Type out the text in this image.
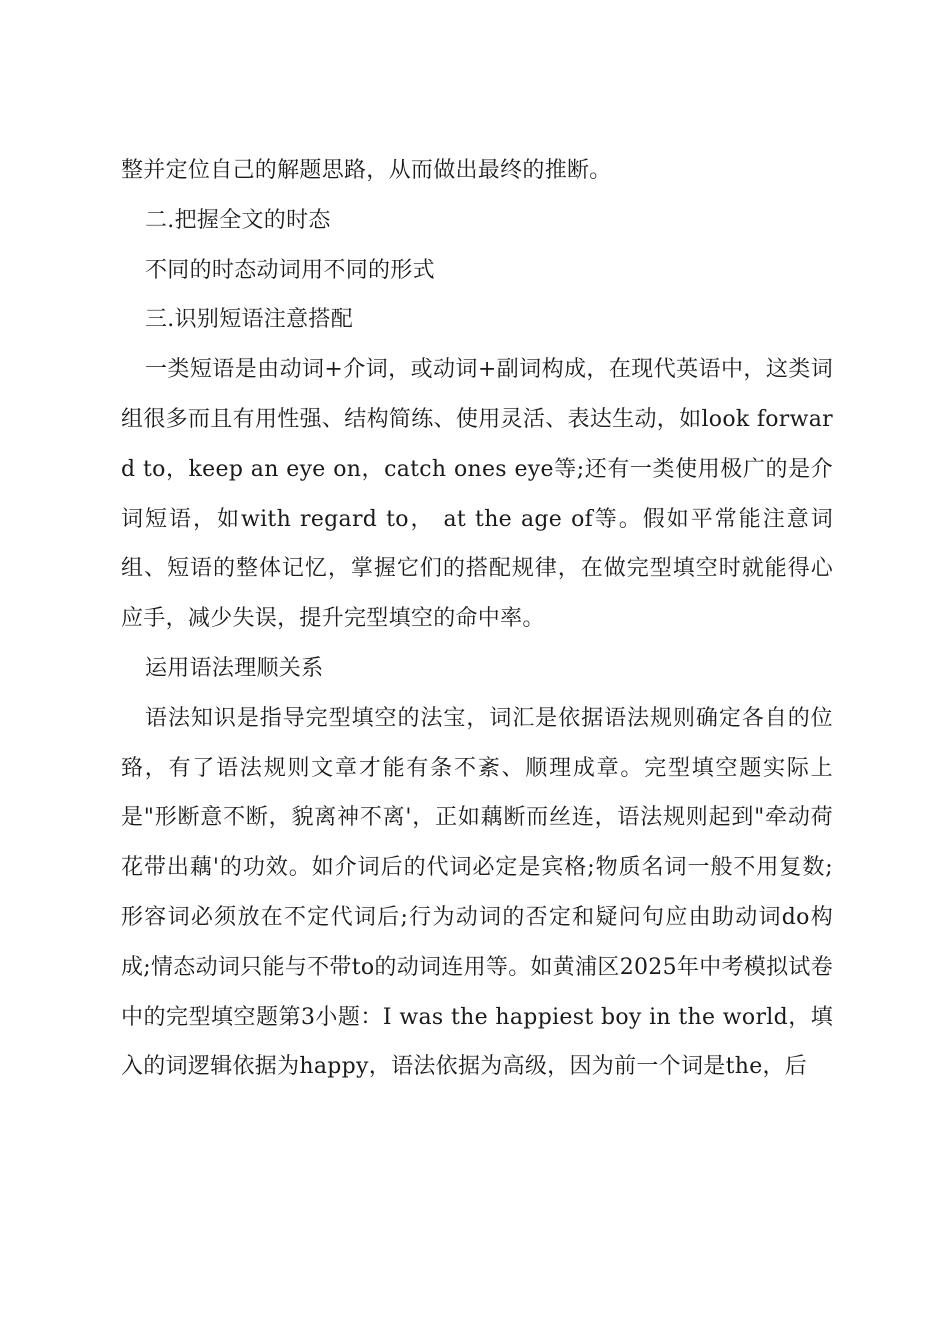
整并定位自己的解题思路，从而做出最终的推断。

二.把握全文的时态

不同的时态动词用不同的形式

三.识别短语注意搭配

一类短语是由动词+介词，或动词+副词构成，在现代英语中，这类词组很多而且有用性强、结构简练、使用灵活、表达生动，如look forward to，keep an eye on，catch ones eye等;还有一类使用极广的是介词短语，如with regard to， at the age of等。假如平常能注意词组、短语的整体记忆，掌握它们的搭配规律，在做完型填空时就能得心应手，减少失误，提升完型填空的命中率。

运用语法理顺关系

语法知识是指导完型填空的法宝，词汇是依据语法规则确定各自的位臵，有了语法规则文章才能有条不紊、顺理成章。完型填空题实际上是"形断意不断，貌离神不离'，正如藕断而丝连，语法规则起到"牵动荷花带出藕'的功效。如介词后的代词必定是宾格;物质名词一般不用复数;形容词必须放在不定代词后;行为动词的否定和疑问句应由助动词do构成;情态动词只能与不带to的动词连用等。如黄浦区2025年中考模拟试卷中的完型填空题第3小题：I was the happiest boy in the world，填入的词逻辑依据为happy，语法依据为高级，因为前一个词是the，后
